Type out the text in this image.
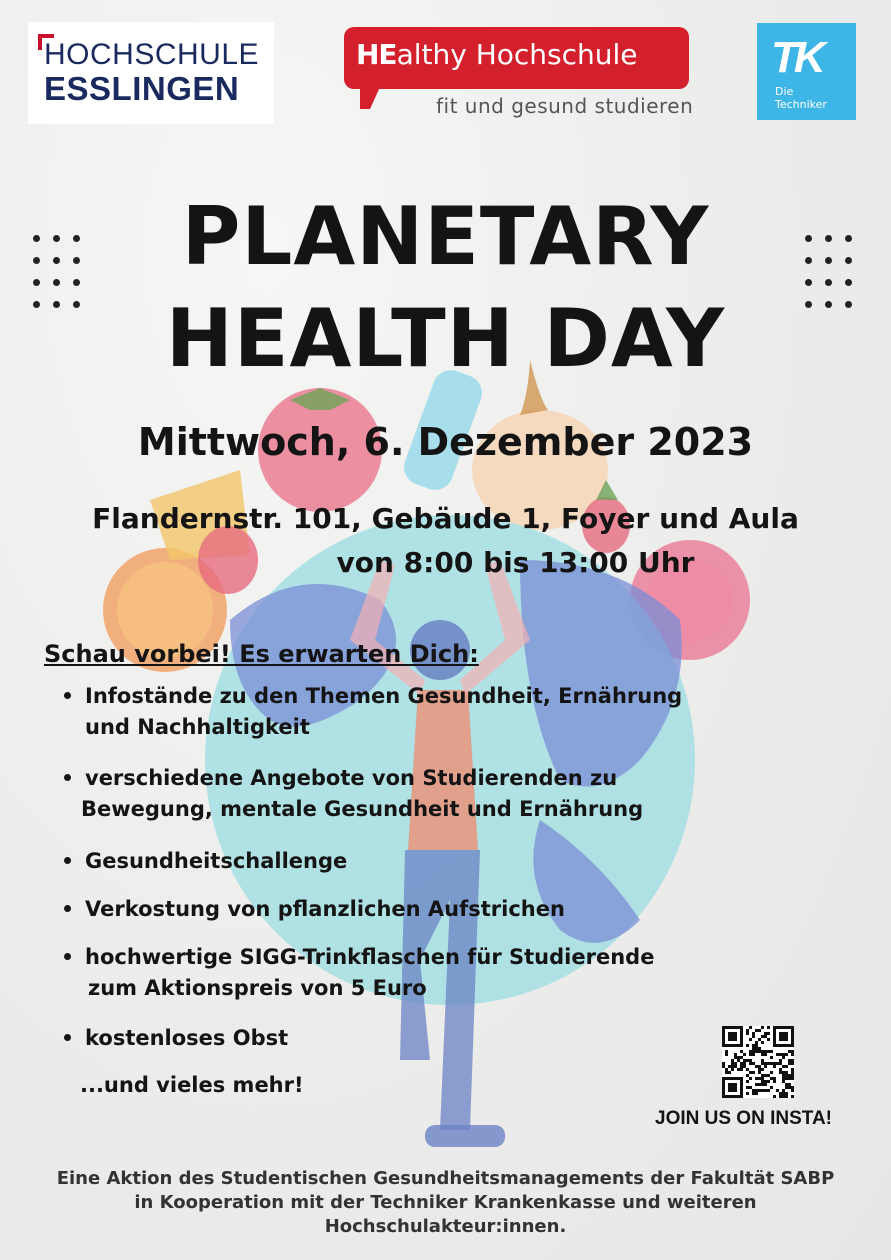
HOCHSCHULE
ESSLINGEN
HEalthy Hochschule
fit und gesund studieren
TK
Die
Techniker
PLANETARY
HEALTH DAY
Mittwoch, 6. Dezember 2023
Flandernstr. 101, Gebäude 1, Foyer und Aula
von 8:00 bis 13:00 Uhr
Schau vorbei! Es erwarten Dich:
Infostände zu den Themen Gesundheit, Ernährung
und Nachhaltigkeit
verschiedene Angebote von Studierenden zu
Bewegung, mentale Gesundheit und Ernährung
Gesundheitschallenge
Verkostung von pflanzlichen Aufstrichen
hochwertige SIGG-Trinkflaschen für Studierende
zum Aktionspreis von 5 Euro
kostenloses Obst
...und vieles mehr!
JOIN US ON INSTA!
Eine Aktion des Studentischen Gesundheitsmanagements der Fakultät SABP
in Kooperation mit der Techniker Krankenkasse und weiteren
Hochschulakteur:innen.
